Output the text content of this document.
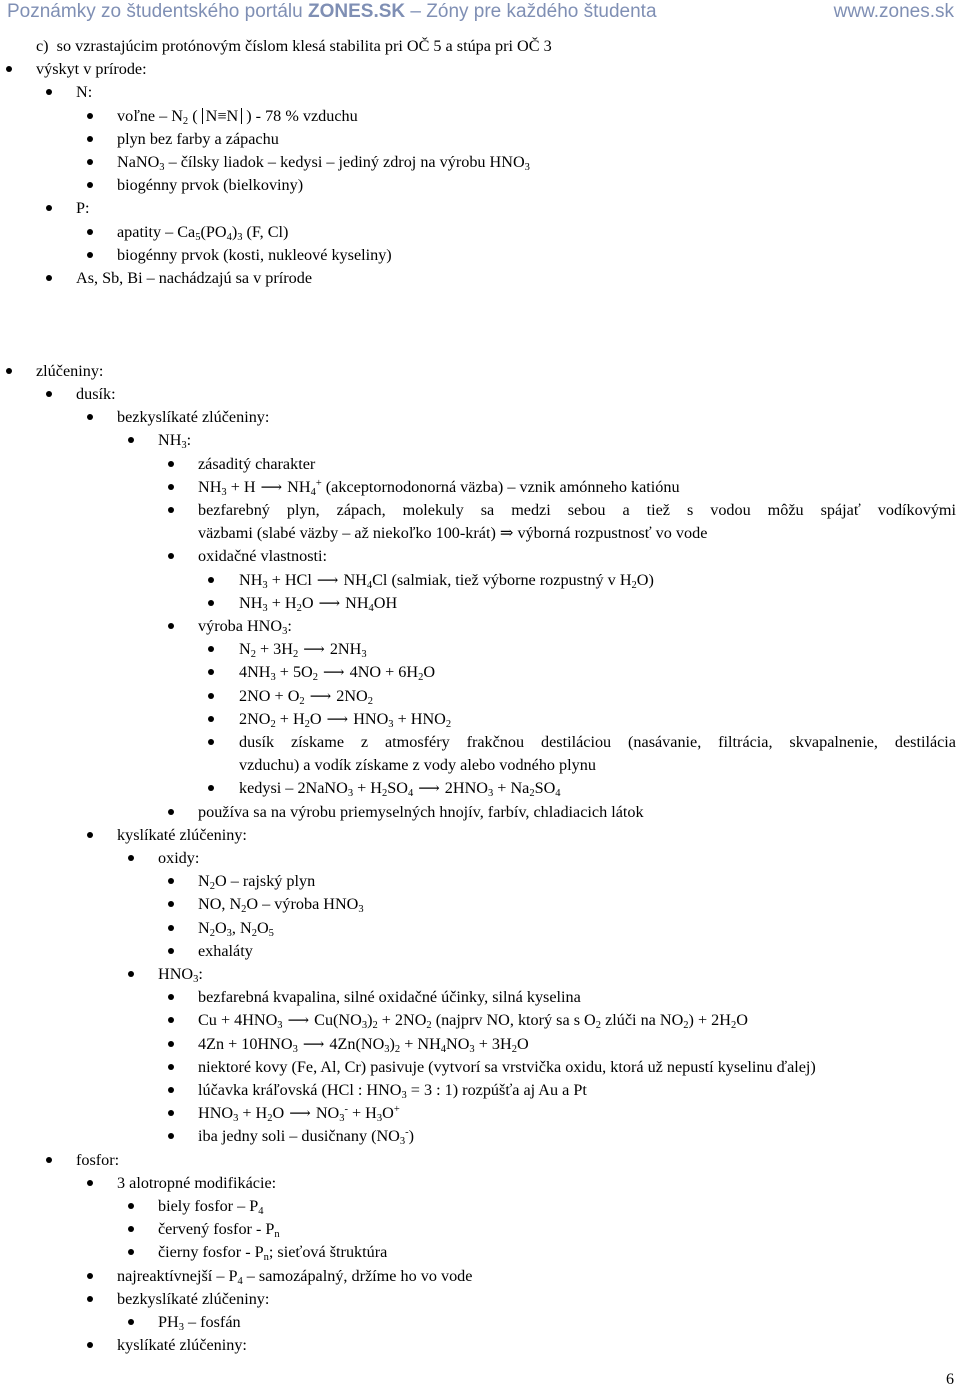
Poznámky zo študentského portálu ZONES.SK – Zóny pre každého študenta	www.zones.sk
c)  so vzrastajúcim protónovým číslom klesá stabilita pri OČ 5 a stúpa pri OČ 3
výskyt v prírode:
N:
voľne – $N_2$ ( N≡N ) - 78 % vzduchu
plyn bez farby a zápachu
NaNO$_3$ – čílsky liadok – kedysi – jediný zdroj na výrobu $HNO_3$
biogénny prvok (bielkoviny)
P:
apatity – $Ca_5(PO_4)_3$ (F, Cl)
biogénny prvok (kosti, nukleové kyseliny)
As, Sb, Bi – nachádzajú sa v prírode
zlúčeniny:
dusík:
bezkyslíkaté zlúčeniny:
$NH_3$:
zásaditý charakter
$NH_3 + H$ ⟶ $NH_4^+$ (akceptornodonorná väzba) – vznik amónneho katiónu
bezfarebný plyn, zápach, molekuly sa medzi sebou a tiež s vodou môžu spájať vodíkovými
väzbami (slabé väzby – až niekoľko 100-krát) ⇒ výborná rozpustnosť vo vode
oxidačné vlastnosti:
$NH_3$ + HCl ⟶ $NH_4Cl$ (salmiak, tiež výborne rozpustný v $H_2O$)
$NH_3 + H_2O$ ⟶ $NH_4OH$
výroba $HNO_3$:
$N_2 + 3H_2$ ⟶ $2NH_3$
$4NH_3 + 5O_2$ ⟶ $4NO + 6H_2O$
$2NO + O_2$ ⟶ $2NO_2$
$2NO_2 + H_2O$ ⟶ $HNO_3 + HNO_2$
dusík získame z atmosféry frakčnou destiláciou (nasávanie, filtrácia, skvapalnenie, destilácia
vzduchu) a vodík získame z vody alebo vodného plynu
kedysi – 2NaNO$_3$ + $H_2SO_4$ ⟶ $2HNO_3 + Na_2SO_4$
používa sa na výrobu priemyselných hnojív, farbív, chladiacich látok
kyslíkaté zlúčeniny:
oxidy:
$N_2O$ – rajský plyn
NO, $N_2O$ – výroba $HNO_3$
$N_2O_3$, $N_2O_5$
exhaláty
$HNO_3$:
bezfarebná kvapalina, silné oxidačné účinky, silná kyselina
$Cu + 4HNO_3$ ⟶ $Cu(NO_3)_2 + 2NO_2$ (najprv NO, ktorý sa s $O_2$ zlúči na $NO_2) + 2H_2O$
$4Zn + 10HNO_3$ ⟶ $4Zn(NO_3)_2 + NH_4NO_3 + 3H_2O$
niektoré kovy (Fe, Al, Cr) pasivuje (vytvorí sa vrstvička oxidu, ktorá už nepustí kyselinu ďalej)
lúčavka kráľovská (HCl : $HNO_3 = 3$ : 1) rozpúšťa aj Au a Pt
$HNO_3 + H_2O$ ⟶ $NO_3^- + H_3O^+$
iba jedny soli – dusičnany $(NO_3^-)$
fosfor:
3 alotropné modifikácie:
biely fosfor – $P_4$
červený fosfor - $P_n$
čierny fosfor - $P_n$; sieťová štruktúra
najreaktívnejší – $P_4$ – samozápalný, držíme ho vo vode
bezkyslíkaté zlúčeniny:
$PH_3$ – fosfán
kyslíkaté zlúčeniny:
6
